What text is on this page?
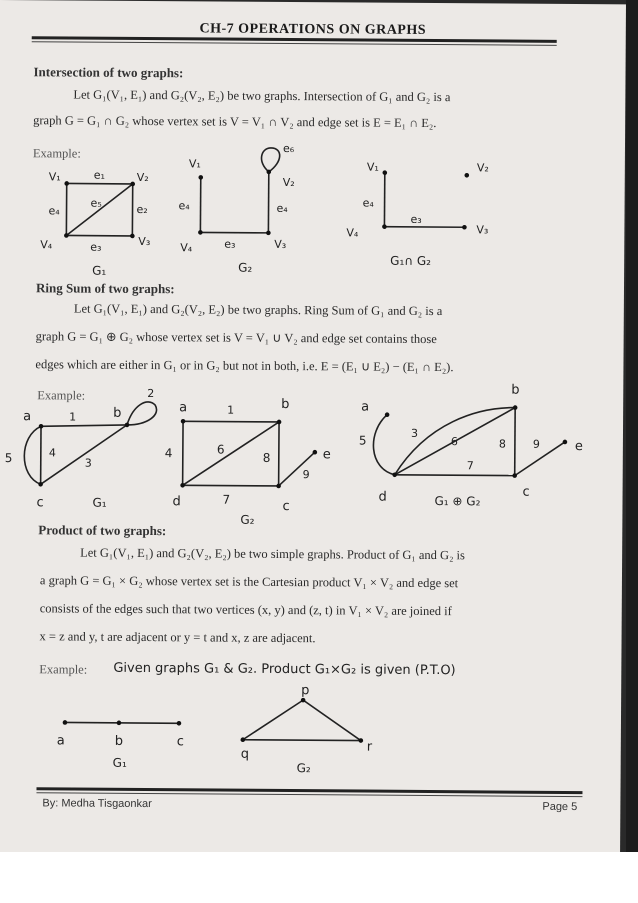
CH-7 OPERATIONS ON GRAPHS
Intersection of two graphs:
Let G₁(V₁, E₁) and G₂(V₂, E₂) be two graphs. Intersection of G₁ and G₂ is a
graph G = G₁ ∩ G₂ whose vertex set is V = V₁ ∩ V₂ and edge set is E = E₁ ∩ E₂.
Example:
Ring Sum of two graphs:
Let G₁(V₁, E₁) and G₂(V₂, E₂) be two graphs. Ring Sum of G₁ and G₂ is a
graph G = G₁ ⊕ G₂ whose vertex set is V = V₁ ∪ V₂ and edge set contains those
edges which are either in G₁ or in G₂ but not in both, i.e. E = (E₁ ∪ E₂) − (E₁ ∩ E₂).
Example:
Product of two graphs:
Let G₁(V₁, E₁) and G₂(V₂, E₂) be two simple graphs. Product of G₁ and G₂ is
a graph G = G₁ × G₂ whose vertex set is the Cartesian product V₁ × V₂ and edge set
consists of the edges such that two vertices (x, y) and (z, t) in V₁ × V₂ are joined if
x = z and y, t are adjacent or y = t and x, z are adjacent.
Example: Given graphs G₁ & G₂. Product G₁×G₂ is given (P.T.O)
V₁	V₂
V₃
V₄
e₁
e₂
e₃
e₄
e₅
G₁
V₁
V₂
V₃
V₄	e₃
e₄
e₆
e₄
G₂
V₁	V₂
V₃
V₄
e₃
e₄
G₁∩ G₂
a	b
c
1
2
3
4
5
G₁
a	b
c
d
e
1
4	6
7
8
9
G₂
a
b
c
d
e
3
5	6
7
8 9
G₁ ⊕ G₂
a	b	c
G₁
p
q	r
G₂
By: Medha Tisgaonkar	Page 5
